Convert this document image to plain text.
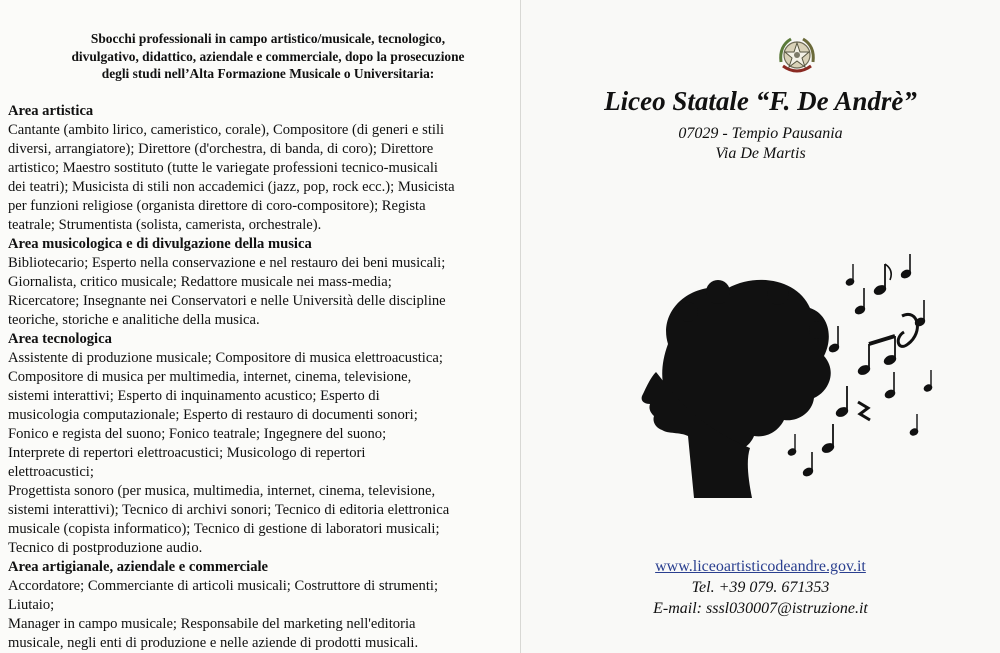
Sbocchi professionali in campo artistico/musicale, tecnologico,
divulgativo, didattico, aziendale e commerciale, dopo la prosecuzione
degli studi nell’Alta Formazione Musicale o Universitaria:
Area artistica
Cantante (ambito lirico, cameristico, corale), Compositore (di generi e stili
diversi, arrangiatore); Direttore (d'orchestra, di banda, di coro); Direttore
artistico; Maestro sostituto (tutte le variegate professioni tecnico-musicali
dei teatri); Musicista di stili non accademici (jazz, pop, rock ecc.); Musicista
per funzioni religiose (organista direttore di coro-compositore); Regista
teatrale; Strumentista (solista, camerista, orchestrale).
Area musicologica e di divulgazione della musica
Bibliotecario; Esperto nella conservazione e nel restauro dei beni musicali;
Giornalista, critico musicale; Redattore musicale nei mass-media;
Ricercatore; Insegnante nei Conservatori e nelle Università delle discipline
teoriche, storiche e analitiche della musica.
Area tecnologica
Assistente di produzione musicale; Compositore di musica elettroacustica;
Compositore di musica per multimedia, internet, cinema, televisione,
sistemi interattivi; Esperto di inquinamento acustico; Esperto di
musicologia computazionale; Esperto di restauro di documenti sonori;
Fonico e regista del suono; Fonico teatrale; Ingegnere del suono;
Interprete di repertori elettroacustici; Musicologo di repertori
elettroacustici;
Progettista sonoro (per musica, multimedia, internet, cinema, televisione,
sistemi interattivi); Tecnico di archivi sonori; Tecnico di editoria elettronica
musicale (copista informatico); Tecnico di gestione di laboratori musicali;
Tecnico di postproduzione audio.
Area artigianale, aziendale e commerciale
Accordatore; Commerciante di articoli musicali; Costruttore di strumenti;
Liutaio;
Manager in campo musicale; Responsabile del marketing nell'editoria
musicale, negli enti di produzione e nelle aziende di prodotti musicali.
Liceo Statale “F. De Andrè”
07029 - Tempio Pausania
Via De Martis
www.liceoartisticodeandre.gov.it
Tel. +39 079. 671353
E-mail: sssl030007@istruzione.it
